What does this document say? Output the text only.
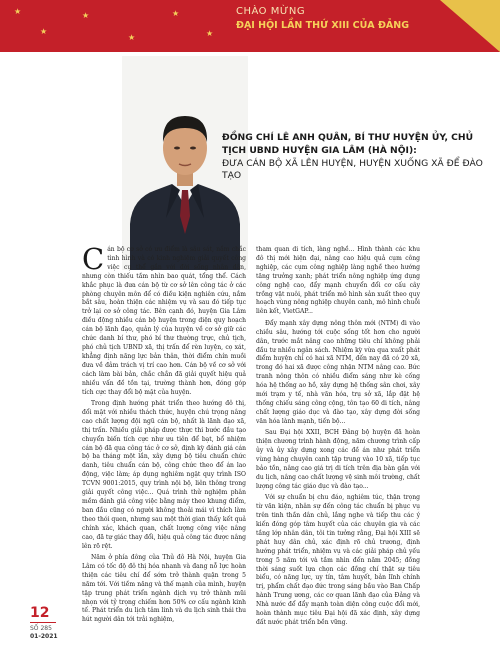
★
★
★
★
★
★
CHÀO MỪNG
ĐẠI HỘI LẦN THỨ XIII CỦA ĐẢNG
ĐỒNG CHÍ LÊ ANH QUÂN, BÍ THƯ HUYỆN ỦY, CHỦ TỊCH UBND HUYỆN GIA LÂM (HÀ NỘI):
ĐƯA CÁN BỘ XÃ LÊN HUYỆN, HUYỆN XUỐNG XÃ ĐỂ ĐÀO TẠO

Cán bộ cơ sở có ưu điểm là sâu sát, nắm chắc tình hình và có kinh nghiệm giải quyết công việc cụ thể gắn với đời sống nhân dân, nhưng còn thiếu tầm nhìn bao quát, tổng thể. Cách khắc phục là đưa cán bộ từ cơ sở lên công tác ở các phòng chuyên môn để có điều kiện nghiên cứu, nắm bắt sâu, hoàn thiện các nhiệm vụ và sau đó tiếp tục trở lại cơ sở công tác. Bên cạnh đó, huyện Gia Lâm điều động nhiều cán bộ huyện trong diện quy hoạch cán bộ lãnh đạo, quản lý của huyện về cơ sở giữ các chức danh bí thư, phó bí thư thường trực, chủ tịch, phó chủ tịch UBND xã, thị trấn để rèn luyện, cọ xát, khẳng định năng lực bản thân, thời điểm chín muồi đưa về đảm trách vị trí cao hơn. Cán bộ về cơ sở với cách làm bài bản, chắc chắn đã giải quyết hiệu quả nhiều vấn đề tồn tại, trường thành hơn, đóng góp tích cực thay đổi bộ mặt của huyện.

Trong định hướng phát triển theo hướng đô thị, đổi mặt với nhiều thách thức, huyện chú trọng nâng cao chất lượng đội ngũ cán bộ, nhất là lãnh đạo xã, thị trấn. Nhiều giải pháp được thực thi bước đầu tạo chuyển biến tích cực như ưu tiên để bạt, bổ nhiệm cán bộ đã qua công tác ở cơ sở, định kỳ đánh giá cán bộ ba tháng một lần, xây dựng bộ tiêu chuẩn chức danh, tiêu chuẩn cán bộ, công chức theo để án lao động, việc làm; áp dụng nghiêm ngặt quy trình ISO TCVN 9001:2015, quy trình nội bộ, liên thông trong giải quyết công việc... Quá trình thử nghiệm phân mềm đánh giá công việc bằng máy theo khung điểm, ban đầu cũng có người không thoải mái vì thích làm theo thói quen, nhưng sau một thời gian thấy kết quả chính xác, khách quan, chất lượng công việc nâng cao, đã tự giác thay đổi, hiệu quả công tác được nâng lên rõ rệt.

Năm ở phía đông của Thủ đô Hà Nội, huyện Gia Lâm có tốc độ đô thị hóa nhanh và đang nỗ lực hoàn thiện các tiêu chí để sớm trở thành quận trong 5 năm tới. Với tiềm năng và thế mạnh của mình, huyện tập trung phát triển ngành dịch vụ trở thành mũi nhọn với tỷ trọng chiếm hơn 50% cơ cấu ngành kinh tế. Phát triển du lịch tâm linh và du lịch sinh thái thu hút người dân tới trải nghiệm,

tham quan di tích, làng nghề... Hình thành các khu đô thị mới hiện đại, nâng cao hiệu quả cụm công nghiệp, các cụm công nghiệp làng nghề theo hướng tăng trưởng xanh; phát triển nông nghiệp ứng dụng công nghệ cao, đẩy mạnh chuyển đổi cơ cấu cây trồng vật nuôi, phát triển mô hình sản xuất theo quy hoạch vùng nông nghiệp chuyên canh, mô hình chuỗi liên kết, VietGAP...

Đẩy mạnh xây dựng nông thôn mới (NTM) đi vào chiều sâu, hướng tới cuộc sống tốt hơn cho người dân, trước mắt nâng cao những tiêu chí không phải đầu tư nhiều ngân sách. Nhiệm kỳ vừa qua xuất phát điểm huyện chỉ có hai xã NTM, đến nay đã có 20 xã, trong đó hai xã được công nhận NTM nâng cao. Bức tranh nông thôn có nhiều điểm sáng như kè cống hóa hệ thống ao hồ, xây dựng hệ thống sân chơi, xây mới trạm y tế, nhà văn hóa, trụ sở xã, lắp đặt hệ thống chiếu sáng công cộng, tôn tạo 60 di tích, nâng chất lượng giáo dục và đào tạo, xây dựng đời sống văn hóa lành mạnh, tiến bộ...

Sau Đại hội XXII, BCH Đảng bộ huyện đã hoàn thiện chương trình hành động, năm chương trình cấp ủy và ủy xây dựng xong các đề án như phát triển vùng hàng chuyên canh tập trung vào 10 xã, tiếp tục bảo tồn, nâng cao giá trị di tích trên địa bàn gắn với du lịch, nâng cao chất lượng vệ sinh môi trường, chất lượng công tác giáo dục và đào tạo...

Với sự chuẩn bị chu đáo, nghiêm túc, thận trọng từ văn kiện, nhân sự đến công tác chuẩn bị phục vụ trên tinh thần dân chủ, lắng nghe và tiếp thu các ý kiến đóng góp tâm huyết của các chuyên gia và các tầng lớp nhân dân, tôi tin tưởng rằng, Đại hội XIII sẽ phát huy dân chủ, xác định rõ chủ trương, định hướng phát triển, nhiệm vụ và các giải pháp chủ yếu trong 5 năm tới và tầm nhìn đến năm 2045; đồng thời sáng suốt lựa chọn các đồng chí thật sự tiêu biểu, có năng lực, uy tín, tâm huyết, bản lĩnh chính trị, phẩm chất đạo đức trong sáng bầu vào Ban Chấp hành Trung ương, các cơ quan lãnh đạo của Đảng và Nhà nước để đẩy mạnh toàn diện công cuộc đổi mới, hoàn thành mục tiêu Đại hội đã xác định, xây dựng đất nước phát triển bền vững.

12
SỐ 285
01-2021
